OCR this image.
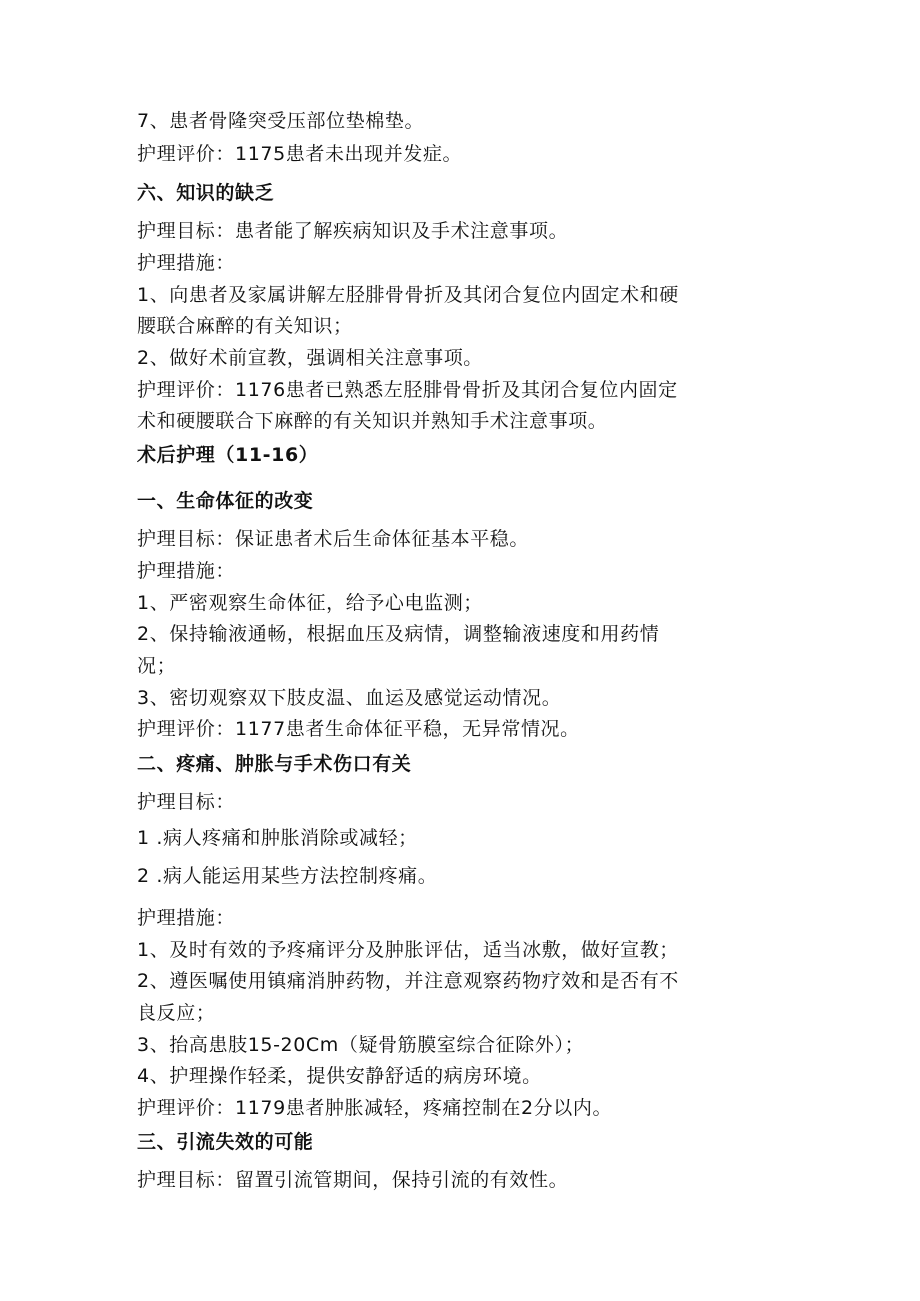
7、患者骨隆突受压部位垫棉垫。
护理评价：1175患者未出现并发症。
六、知识的缺乏
护理目标：患者能了解疾病知识及手术注意事项。
护理措施：
1、向患者及家属讲解左胫腓骨骨折及其闭合复位内固定术和硬
腰联合麻醉的有关知识；
2、做好术前宣教，强调相关注意事项。
护理评价：1176患者已熟悉左胫腓骨骨折及其闭合复位内固定
术和硬腰联合下麻醉的有关知识并熟知手术注意事项。
术后护理（11-16）
一、生命体征的改变
护理目标：保证患者术后生命体征基本平稳。
护理措施：
1、严密观察生命体征，给予心电监测；
2、保持输液通畅，根据血压及病情，调整输液速度和用药情
况；
3、密切观察双下肢皮温、血运及感觉运动情况。
护理评价：1177患者生命体征平稳，无异常情况。
二、疼痛、肿胀与手术伤口有关
护理目标：
1 .病人疼痛和肿胀消除或减轻；
2 .病人能运用某些方法控制疼痛。
护理措施：
1、及时有效的予疼痛评分及肿胀评估，适当冰敷，做好宣教；
2、遵医嘱使用镇痛消肿药物，并注意观察药物疗效和是否有不
良反应；
3、抬高患肢15-20Cm（疑骨筋膜室综合征除外）；
4、护理操作轻柔，提供安静舒适的病房环境。
护理评价：1179患者肿胀减轻，疼痛控制在2分以内。
三、引流失效的可能
护理目标：留置引流管期间，保持引流的有效性。
